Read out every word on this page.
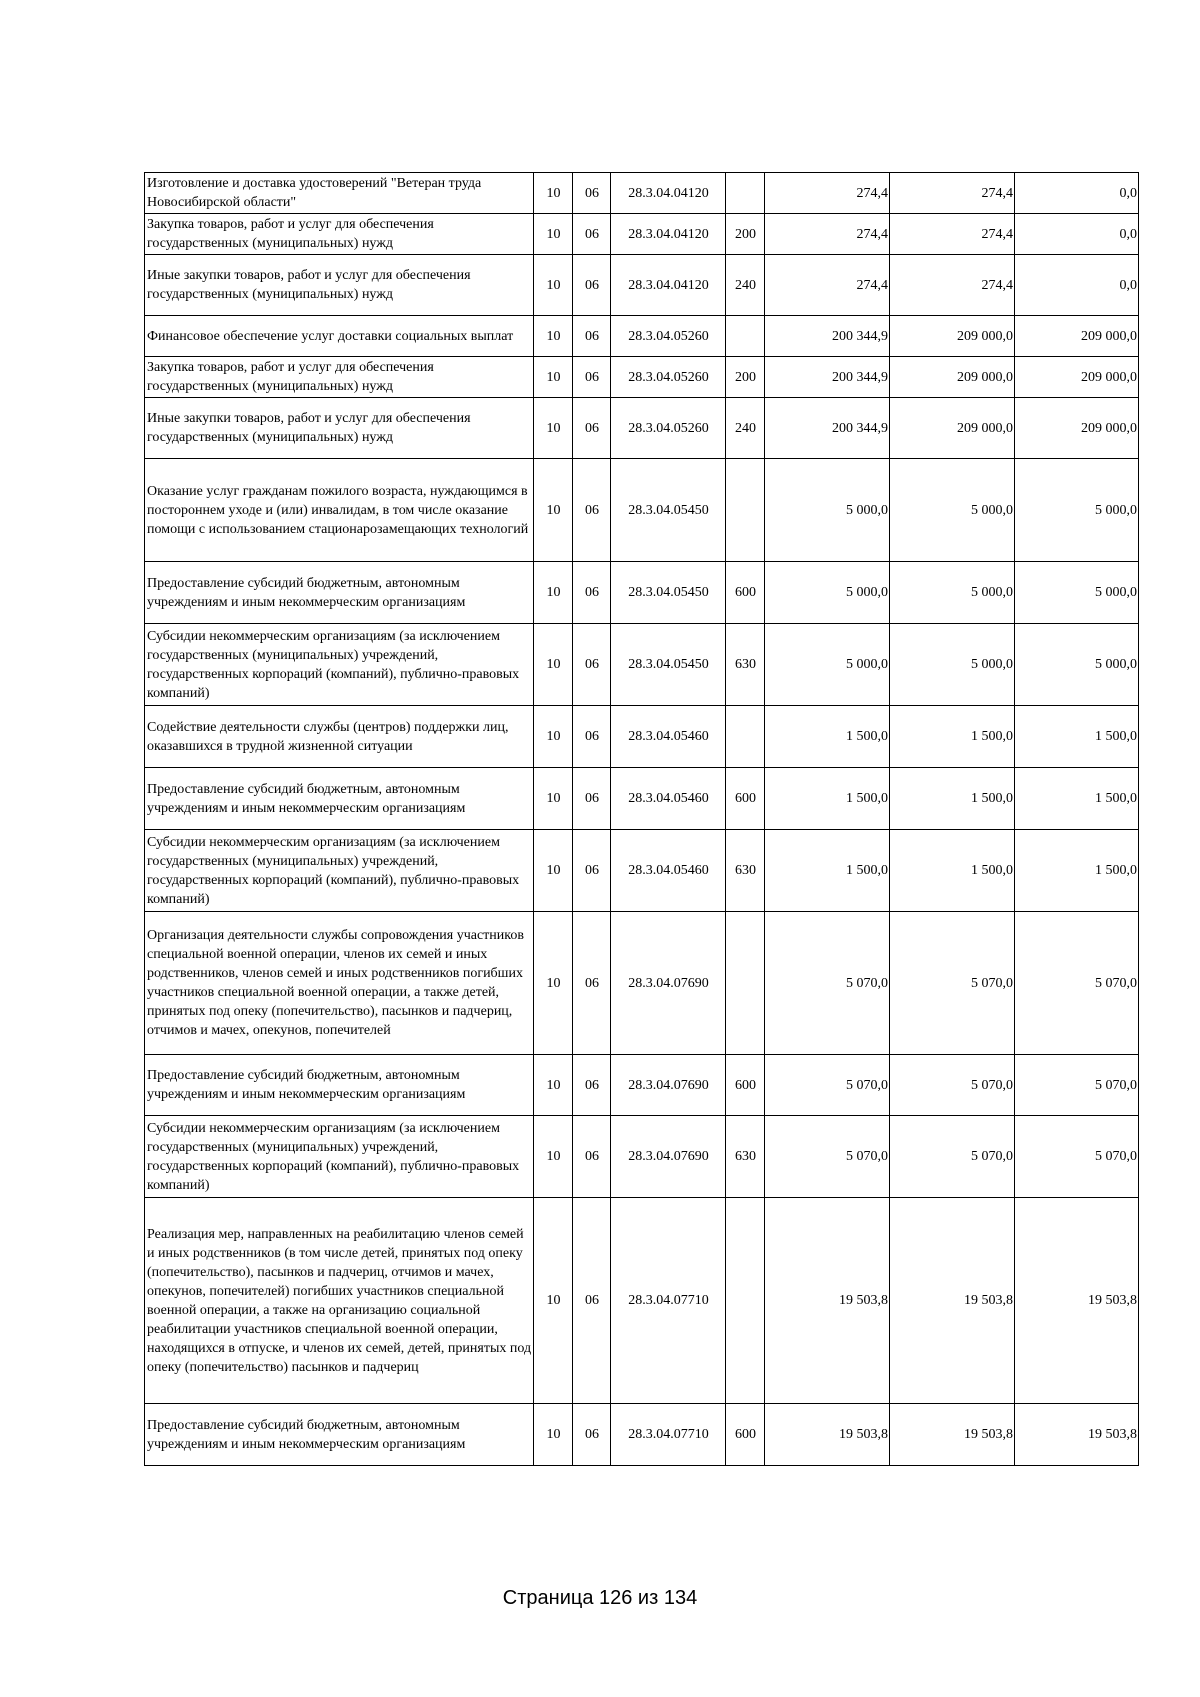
Изготовление и доставка удостоверений "Ветеран труда Новосибирской области"	10	06	28.3.04.04120		274,4	274,4	0,0
Закупка товаров, работ и услуг для обеспечения государственных (муниципальных) нужд	10	06	28.3.04.04120	200	274,4	274,4	0,0
Иные закупки товаров, работ и услуг для обеспечения государственных (муниципальных) нужд	10	06	28.3.04.04120	240	274,4	274,4	0,0
Финансовое обеспечение услуг доставки социальных выплат	10	06	28.3.04.05260		200 344,9	209 000,0	209 000,0
Закупка товаров, работ и услуг для обеспечения государственных (муниципальных) нужд	10	06	28.3.04.05260	200	200 344,9	209 000,0	209 000,0
Иные закупки товаров, работ и услуг для обеспечения государственных (муниципальных) нужд	10	06	28.3.04.05260	240	200 344,9	209 000,0	209 000,0
Оказание услуг гражданам пожилого возраста, нуждающимся в постороннем уходе и (или) инвалидам, в том числе оказание помощи с использованием стационарозамещающих технологий	10	06	28.3.04.05450		5 000,0	5 000,0	5 000,0
Предоставление субсидий бюджетным, автономным учреждениям и иным некоммерческим организациям	10	06	28.3.04.05450	600	5 000,0	5 000,0	5 000,0
Субсидии некоммерческим организациям (за исключением государственных (муниципальных) учреждений, государственных корпораций (компаний), публично-правовых компаний)	10	06	28.3.04.05450	630	5 000,0	5 000,0	5 000,0
Содействие деятельности службы (центров) поддержки лиц, оказавшихся в трудной жизненной ситуации	10	06	28.3.04.05460		1 500,0	1 500,0	1 500,0
Предоставление субсидий бюджетным, автономным учреждениям и иным некоммерческим организациям	10	06	28.3.04.05460	600	1 500,0	1 500,0	1 500,0
Субсидии некоммерческим организациям (за исключением государственных (муниципальных) учреждений, государственных корпораций (компаний), публично-правовых компаний)	10	06	28.3.04.05460	630	1 500,0	1 500,0	1 500,0
Организация деятельности службы сопровождения участников специальной военной операции, членов их семей и иных родственников, членов семей и иных родственников погибших участников специальной военной операции, а также детей, принятых под опеку (попечительство), пасынков и падчериц, отчимов и мачех, опекунов, попечителей	10	06	28.3.04.07690		5 070,0	5 070,0	5 070,0
Предоставление субсидий бюджетным, автономным учреждениям и иным некоммерческим организациям	10	06	28.3.04.07690	600	5 070,0	5 070,0	5 070,0
Субсидии некоммерческим организациям (за исключением государственных (муниципальных) учреждений, государственных корпораций (компаний), публично-правовых компаний)	10	06	28.3.04.07690	630	5 070,0	5 070,0	5 070,0
Реализация мер, направленных на реабилитацию членов семей и иных родственников (в том числе детей, принятых под опеку (попечительство), пасынков и падчериц, отчимов и мачех, опекунов, попечителей) погибших участников специальной военной операции, а также на организацию социальной реабилитации участников специальной военной операции, находящихся в отпуске, и членов их семей, детей, принятых под опеку (попечительство) пасынков и падчериц	10	06	28.3.04.07710		19 503,8	19 503,8	19 503,8
Предоставление субсидий бюджетным, автономным учреждениям и иным некоммерческим организациям	10	06	28.3.04.07710	600	19 503,8	19 503,8	19 503,8
Страница 126 из 134
